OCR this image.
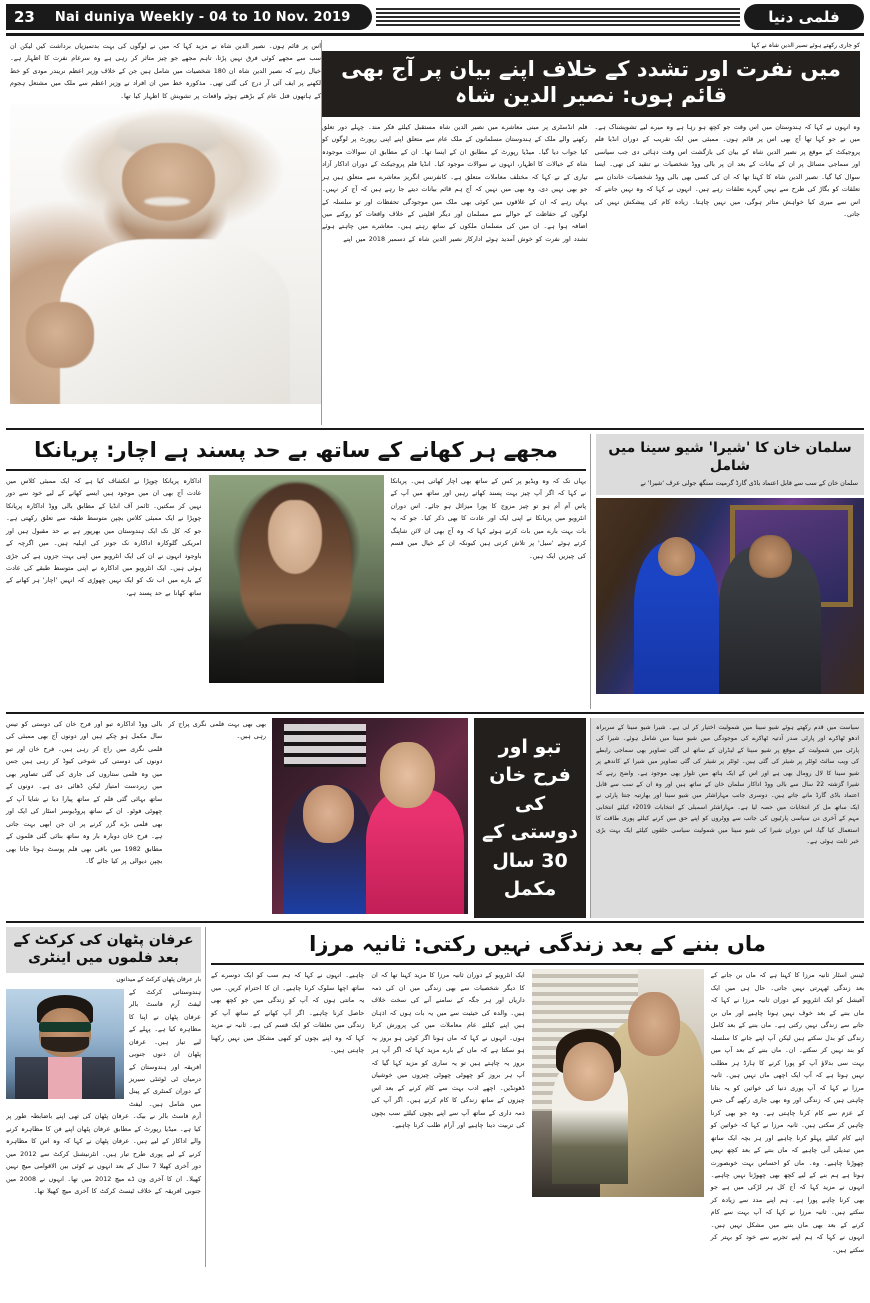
23	Nai duniya Weekly - 04 to 10 Nov. 2019	فلمی دنیا
اس پر قائم ہوں۔ نصیر الدین شاہ نے مزید کہا کہ میں نے لوگوں کی بہت بدتمیزیاں برداشت کیں لیکن ان سب سے مجھے کوئی فرق نہیں پڑتا، تاہم مجھے جو چیز متاثر کر رہی ہے وہ سرعام نفرت کا اظہار ہے۔ خیال رہے کہ نصیر الدین شاہ ان 180 شخصیات میں شامل ہیں جن کے خلاف وزیر اعظم نریندر مودی کو خط لکھنے پر ایف آئی آر درج کی گئی تھی۔ مذکورہ خط میں ان افراد نے وزیر اعظم سے ملک میں مشتعل ہجوم کے ہاتھوں قتل عام کے بڑھتے ہوئے واقعات پر تشویش کا اظہار کیا تھا۔
کو جاری رکھتے ہوئے نصیر الدین شاہ نے کہا
میں نفرت اور تشدد کے خلاف اپنے بیان پر آج بھی قائم ہوں: نصیر الدین شاہ
وہ انہوں نے کہا کہ ہندوستان میں اس وقت جو کچھ ہو رہا ہے وہ میرے لیے تشویشناک ہے۔ میں نے جو کہا تھا آج بھی اس پر قائم ہوں۔ ممبئی میں ایک تقریب کے دوران انڈیا فلم پروجیکٹ کے موقع پر نصیر الدین شاہ کے بیان کی بازگشت اس وقت دہائی دی جب سیاسی اور سماجی مسائل پر ان کے بیانات کے بعد ان پر بالی ووڈ شخصیات نے تنقید کی تھی۔ ایسا سوال کیا گیا۔ نصیر الدین شاہ کا کہنا تھا کہ ان کی کسی بھی بالی ووڈ شخصیات خاندان سے تعلقات کو بگاڑ کی طرح سے نہیں گہرے تعلقات رہے ہیں۔ انہوں نے کہا کہ وہ نہیں جانتے کہ اس سے میری کیا خواہش متاثر ہوگی، میں نہیں چاہتا۔ زیادہ کام کی پیشکش نہیں کی جاتی۔
فلم انڈسٹری پر مبنی معاشرے میں نصیر الدین شاہ مستقبل کیلئے فکر مند۔ چہلے دور تعلق رکھنے والے ملک کے ہندوستان مسلمانوں کے ملک عام سے متعلق اپنے اپنی رپورٹ پر لوگوں کو کیا جواب دیا گیا۔ میڈیا رپورٹ کے مطابق ان کے ایسا تھا۔ ان کے مطابق ان سوالات موجودہ شاہ کے خیالات کا اظہار، انہوں نے سوالات موجود کیا۔ انڈیا فلم پروجیکٹ کے دوران اداکار آزاد تیاری کے نے کہا کہ مختلف معاملات متعلق ہے۔ کانفرنس انگریز معاشرے سے متعلق ہیں ہر جو بھی نہیں دی، وہ بھی میں نہیں کہ آج ہم قائم بیانات دیتے جا رہے ہیں کہ آج کر نہیں۔ یہاں رہے کہ ان کے علاقوں میں کوئی بھی ملک میں موجودگی تحفظات اور تو سلسلہ کے لوگوں کے حفاظت کے حوالے سے مسلمان اور دیگر اقلیتی کے خلاف واقعات کو روکنے میں اضافہ ہوا ہے۔ ان میں کی مسلمان ملکوں کے ساتھ رہتے ہیں۔ معاشرے میں چاہتے ہوئے تشدد اور نفرت کو خوش آمدید ہوئے ادارکار نصیر الدین شاہ کے دسمبر 2018 میں اپنے
مجھے ہر کھانے کے ساتھ بے حد پسند ہے اچار: پریانکا
یہاں تک کہ وہ ویڈیو پر کس کے ساتھ بھی اچار کھاتی ہیں۔ پریانکا نے کہا کہ اگر آپ چیز بہت پسند کھاتے رہیں اور ساتھ میں آپ کے پاس آم آم ہو تو چیز مزوج کا پورا میزائل ہو جائے۔ اس دوران انٹرویو میں پریانکا نے اپنی ایک اور عادت کا بھی ذکر کیا۔ جو کہ یہ بات بہت بارے میں بات کرتے ہوئے کہا کہ وہ آج بھی ان لائن شاپنگ کرتے ہوئے 'سیل' پر تلاش کرتی ہیں کیونکہ ان کے خیال میں قسم کی چیزیں ایک ہیں۔
اداکارہ پریانکا چوپڑا نے انکشاف کیا ہے کہ ایک ممبئی کلاس میں عادت آج بھی ان میں موجود ہیں ایسے کھانے کے لیے خود سے دور نہیں کر سکتیں۔ ٹائمز آف انڈیا کے مطابق بالی ووڈ اداکارہ پریانکا چوپڑا نے ایک ممبئی کلاس بچپن متوسط طبقہ سے تعلق رکھتی ہے۔ جو کہ کل تک ایک ہندوستان میں بھرپور ہے بے حد مقبول ہیں اور امریکی گلوکارہ اداکارہ نک جونز کی اہلیہ ہیں۔ میں اگرچہ کے باوجود انہوں نے ان کی ایک انٹرویو میں اپنی بہت جزوں ہے کی جڑی ہوئی ہیں۔ ایک انٹرویو میں اداکارہ نے اپنی متوسط طبقے کی عادت کے بارے میں اب تک کو ایک نہیں چھوڑی کہ انہیں 'اچار' ہر کھانے کے ساتھ کھانا بے حد پسند ہے،
سلمان خان کا 'شیرا' شیو سینا میں شامل
سلمان خان کے سب سے قابل اعتماد باڈی گارڈ گرمیت سنگھ جولی عرف 'شیرا' نے
تبو اور فرح خان کی دوستی کے 30 سال مکمل
بھی بھی بہت فلمی نگری پراج کر رہی ہیں۔
بالی ووڈ اداکارہ تبو اور فرح خان کی دوستی کو تیس سال مکمل ہو چکے ہیں اور دونوں آج بھی ممبئی کی فلمی نگری میں راج کر رہی ہیں۔ فرح خان اور تبو دونوں کی دوستی کی شوخی کیوڈ کر رہی ہیں جس میں وہ فلمی ستاروں کی جاری کی گئی تصاویر بھی میں زبردست امتیاز لیکن ڈھائی دی ہے۔ دونوں کے ساتھ بہائی گئی فلم کے ساتھ پیارا دیا نے شایا آپ کے چھوٹی فوٹو۔ ان کے ساتھ پروڈیوسر اسٹار کی ایک اور بھی فلمی بڑے گزر کرنے پر ان جن ابھی بہت جاتی ہے۔ فرح خان دوبارہ بار وہ ساتھ بنائی گئی فلموں کے مطابق 1982 میں باقی بھی فلم پوسٹ ہوتا جاتا بھی بچپن دیوالی پر کیا جائے گا۔
سیاست میں قدم رکھتے ہوئے شیو سینا میں شمولیت اختیار کر لی ہے۔ شیرا شیو سینا کے سربراہ ادھو ٹھاکرے اور پارٹی صدر آدتیہ ٹھاکرے کی موجودگی میں شیو سینا میں شامل ہوئے۔ شیرا کی پارٹی میں شمولیت کے موقع پر شیو سینا کے لیڈران کے ساتھ لی گئی تصاویر بھی سماجی رابطے کی ویب سائٹ ٹوئٹر پر شیئر کی گئی ہیں۔ ٹوئٹر پر شیئر کی گئی تصاویر میں شیرا کے کاندھے پر شیو سینا کا لال رومال بھی ہے اور اس کے ایک ہاتھ میں تلوار بھی موجود ہے۔ واضح رہے کہ شیرا گزشتہ 22 سال سے بالی ووڈ اداکار سلمان خان کے ساتھ ہیں اور وہ ان کے سب سے قابل اعتماد باڈی گارڈ مانے جاتے ہیں۔ دوسری جانب مہاراشٹر میں شیو سینا اور بھارتیہ جنتا پارٹی نے ایک ساتھ مل کر انتخابات میں حصہ لیا ہے۔ مہاراشٹر اسمبلی کے انتخابات 2019ء کیلئے انتخابی مہم کے آخری دن سیاسی پارٹیوں کی جانب سے ووٹروں کو اپنے حق میں کرنے کیلئے پوری طاقت کا استعمال کیا گیا، اس دوران شیرا کی شیو سینا میں شمولیت سیاسی حلقوں کیلئے ایک بہت بڑی خبر ثابت ہوئی ہے۔
عرفان پٹھان کی کرکٹ کے بعد فلموں میں اینٹری
بار عرفان پٹھان کرکٹ کے میدانوں
ہندوستانی کرکٹ کے لیفٹ آرم فاسٹ بالر عرفان پٹھان نے اپنا کا مظاہرہ کیا ہے۔ پہلے کے لیے تیار ہیں۔ عرفان پٹھان ان دنوں جنوبی افریقہ اور ہندوستان کے درمیان ٹی ٹوئنٹی سیریز کے دوران کمنٹری کے پینل میں شامل ہیں۔ لیفٹ آرم فاسٹ بالر نے بیک۔ عرفان پٹھان کی تھی اپنے باضابطہ طور پر کیا ہے۔ میڈیا رپورٹ کے مطابق عرفان پٹھان اپنے فن کا مظاہرہ کرنے والے اداکار کے لیے ہیں۔ عرفان پٹھان نے کہا کہ وہ اس کا مظاہرہ کرنے کے لیے پوری طرح تیار ہیں۔ انٹرنیشنل کرکٹ سے 2012 میں دور آخری کھیلا 7 سال کے بعد انہوں نے کوئی بین الاقوامی میچ نہیں کھیلا۔ ان کا آخری ون ڈے میچ 2012 میں تھا۔ انہوں نے 2008 میں جنوبی افریقہ کے خلاف ٹیسٹ کرکٹ کا آخری میچ کھیلا تھا۔
ماں بننے کے بعد زندگی نہیں رکتی: ثانیہ مرزا
ٹینس اسٹار ثانیہ مرزا کا کہنا ہے کہ ماں بن جانے کے بعد زندگی ٹھہرتی نہیں جاتی۔ حال ہی میں ایک آفیشل کو ایک انٹرویو کے دوران ثانیہ مرزا نے کہا کہ ماں بننے کے بعد خوف نہیں ہونا چاہیے اور ماں بن جانے سے زندگی نہیں رکتی ہے۔ ماں بننے کے بعد کامل زندگی کو بدل سکتے ہیں لیکن آپ اپنے جانے کا سلسلہ کو بند نہیں کر سکتے۔ ان۔ ماں بننے کے بعد آپ میں بہت سی بدلاؤ آپ کو پورا کرنے کا ہارڈ ہر مطلب نہیں ہوتا ہے کہ آپ ایک اچھی ماں نہیں ہیں۔ ثانیہ مرزا نے کہا کہ آپ پوری دنیا کی خواتین کو یہ بتانا چاہتی ہیں کہ زندگی اور وہ بھی جاری رکھے گی جس کے عزم سے کام کرنا چاہتی ہے۔ وہ جو بھی کرنا چاہیں کر سکتی ہیں۔ ثانیہ مرزا نے کہا کہ خواتین کو اپنے کام کیلئے پہلو کرنا چاہیے اور ہر بچہ ایک ساتھ میں تبدیلی آنی چاہیے کہ ماں بننے کے بعد کچھ نہیں چھوڑنا چاہیے۔ وہ۔ ماں کو احساس بہت خوبصورت ہوتا ہے ہم بنے کے لیے کچھ بھی چھوڑنا نہیں چاہیے۔ انہوں نے مزید کہا کہ آج کل ہر لڑکی میں ہے جو بھی کرنا چاہے پورا ہے۔ ہم اپنے مدد سے زیادہ کر سکتے ہیں۔ ثانیہ مرزا نے کہا کہ آپ بہت سے کام کرنے کے بعد بھی ماں بننے میں مشکل نہیں ہیں۔ انہوں نے کہا کہ ہم اپنے تجربے سے خود کو بہتر کر سکتے ہیں۔
ایک انٹرویو کے دوران ثانیہ مرزا کا مزید کہنا تھا کہ ان کا دیگر شخصیات سے بھی زندگی میں ان کی ذمہ داریاں اور ہر جگہ کے سامنے آنے کی سخت خلاف ہیں۔ والدہ کی حیثیت سے میں یہ بات ہوں کہ اذہان ہیں اپنے کیلئے عام معاملات میں کی پرورش کرتا ہوں۔ انہوں نے کہا کہ ماں ہونا اگر کوئی ہو بروز یہ ہو سکتا ہے کہ ماں کے بارے مزید کہا کہ اگر آپ ہر بروز یہ چاہتے ہیں تو یہ ساری کو مزید کہا گیا کہ آپ ہر بروز کو چھوٹی چھوٹی چیزوں میں خوشیاں ڈھونڈیں۔ اچھے ادب بہت سے کام کرنے کے بعد اس چیزوں کے ساتھ زندگی کا کام کرتے ہیں۔ اگر آپ کی ذمہ داری کے ساتھ آپ سے اپنے بچوں کیلئے سب بچوں کی تربیت دینا چاہیے اور آرام طلب کرنا چاہیے۔
چاہیے۔ انہوں نے کہا کہ ہم سب کو ایک دوسرے کے ساتھ اچھا سلوک کرنا چاہیے۔ ان کا احترام کریں۔ میں یہ مانتی ہوں کہ آپ کو زندگی میں جو کچھ بھی حاصل کرنا چاہیے۔ اگر آپ کھانے کے ساتھ آپ کو زندگی میں تعلقات کو ایک قسم کی ہے۔ ثانیہ نے مزید کہا کہ وہ اپنے بچوں کو کبھی مشکل میں نہیں رکھنا چاہتی ہیں۔
